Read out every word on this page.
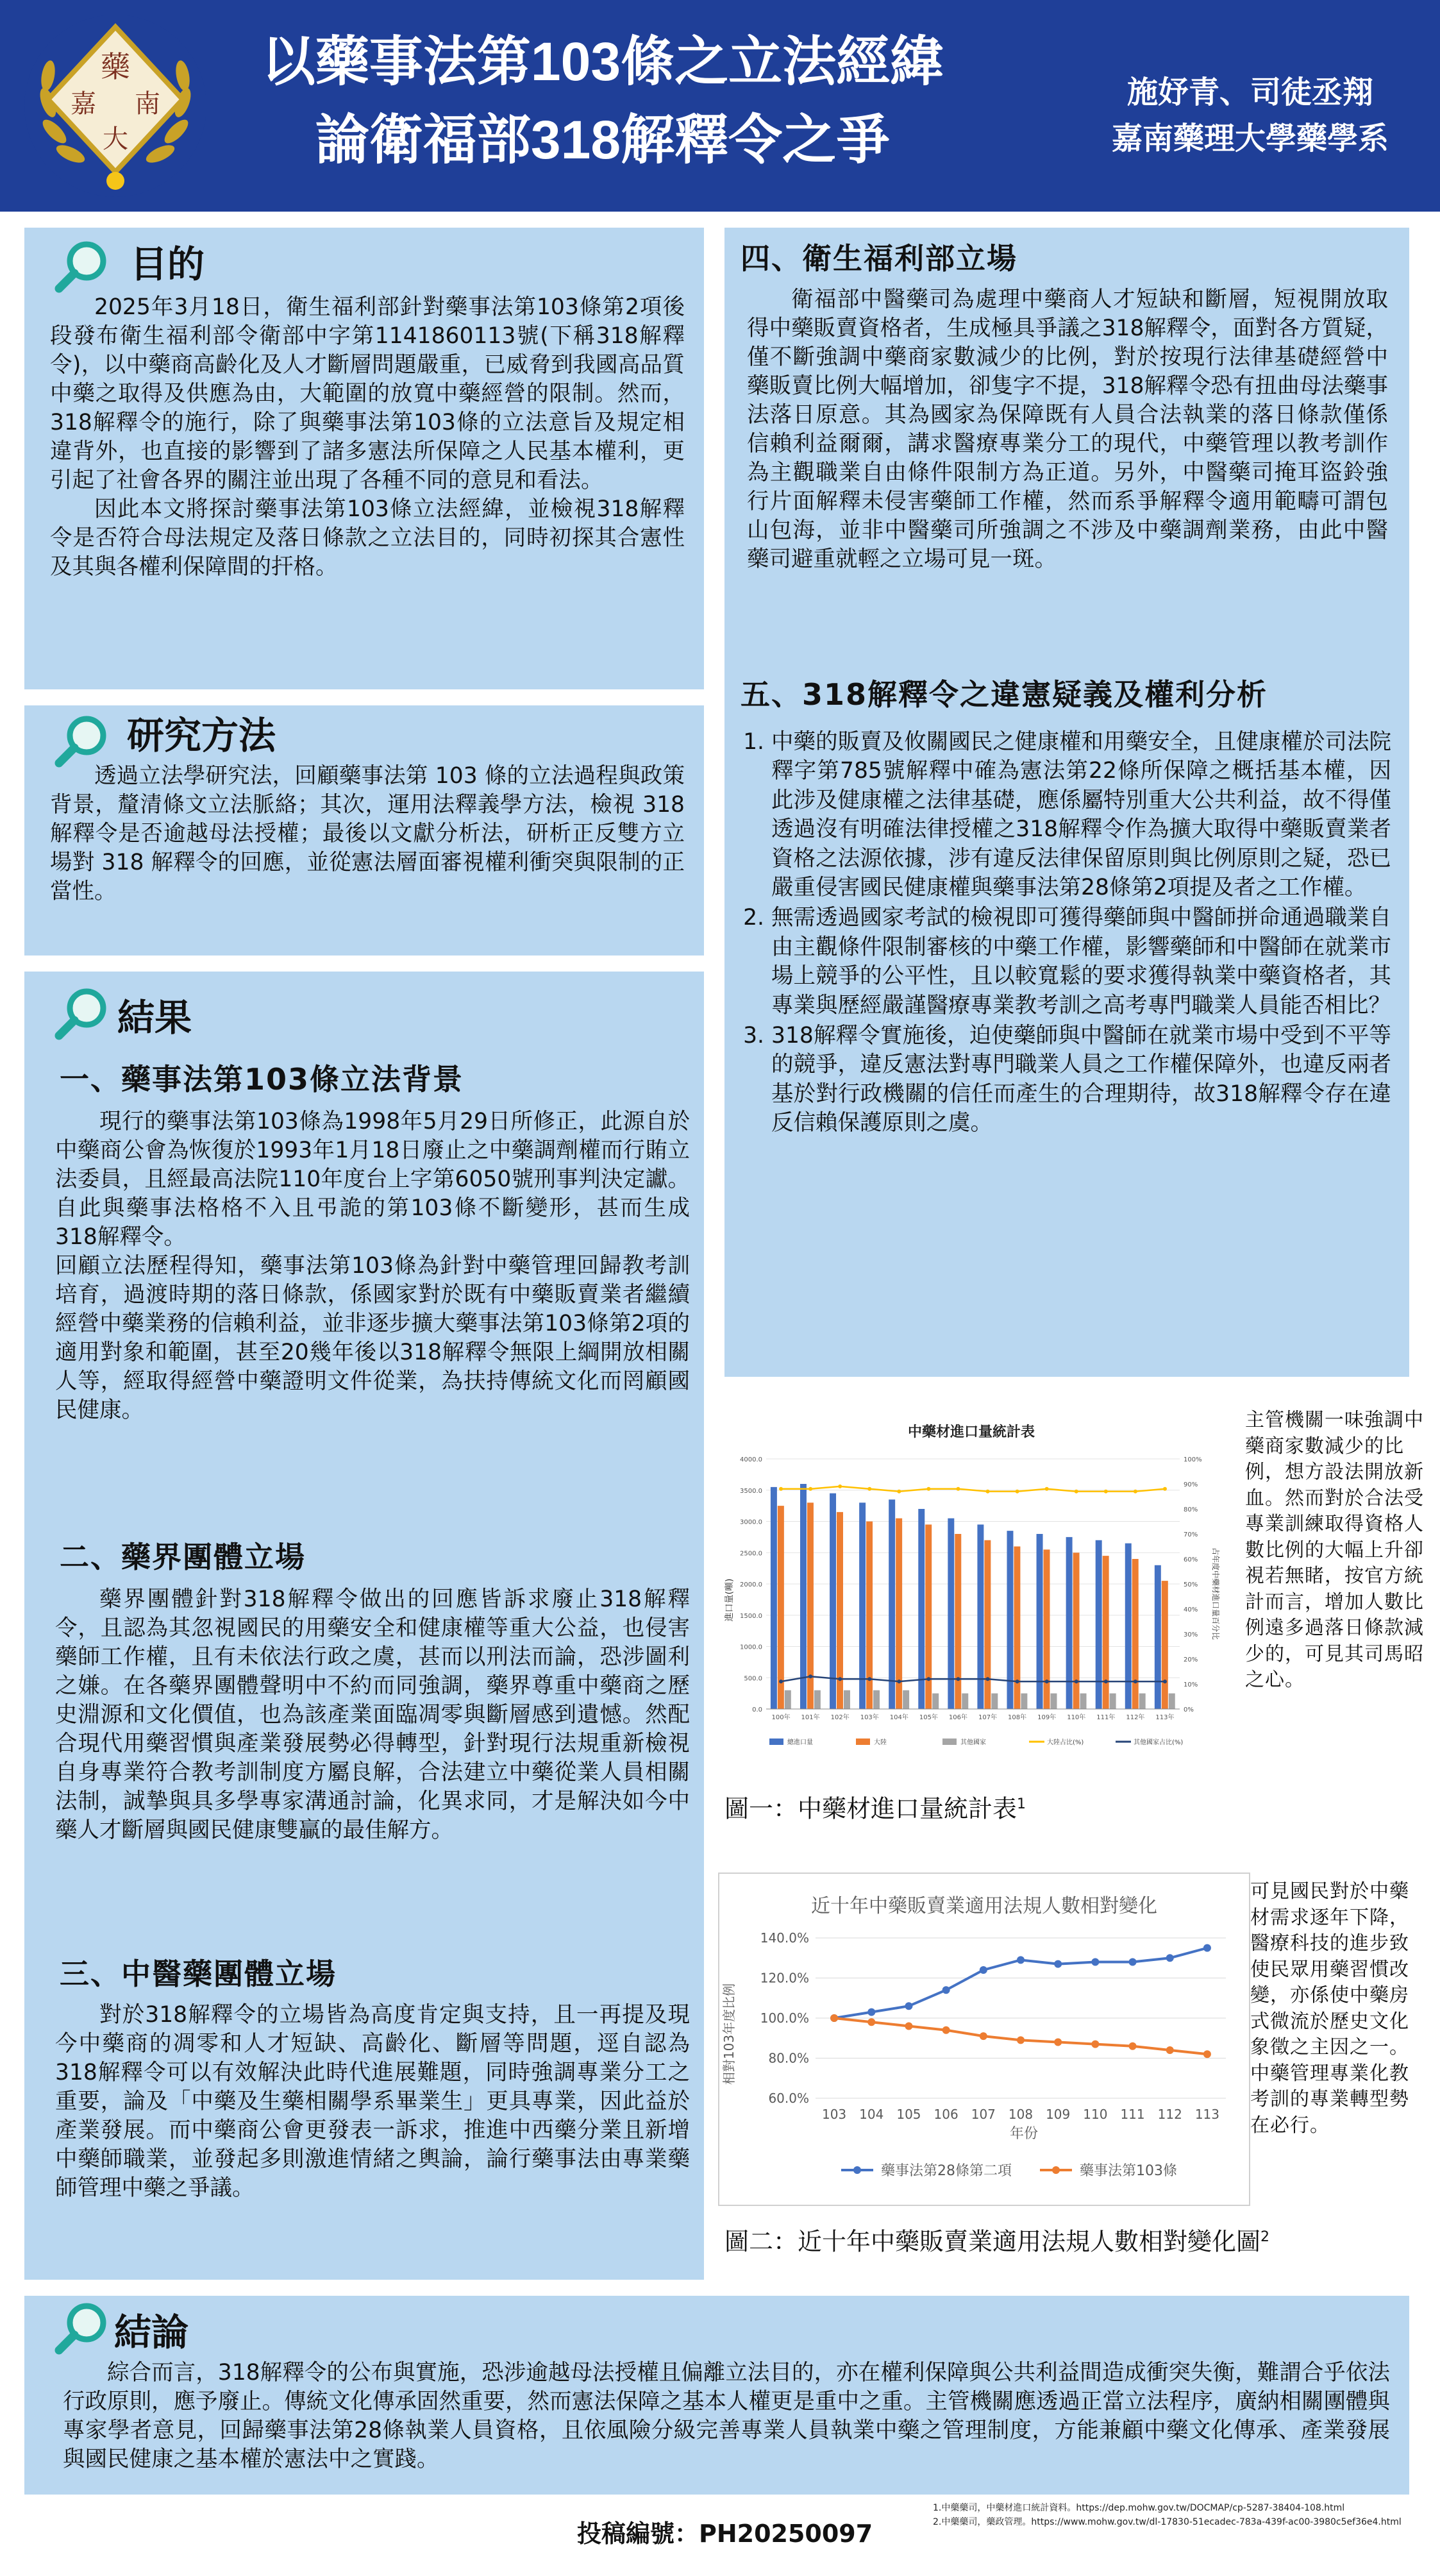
藥
嘉 南
大
以藥事法第103條之立法經緯
論衛福部318解釋令之爭
施妤青、司徒丞翔
嘉南藥理大學藥學系
目的

2025年3月18日，衛生福利部針對藥事法第103條第2項後段發布衛生福利部令衛部中字第1141860113號(下稱318解釋令)，以中藥商高齡化及人才斷層問題嚴重，已威脅到我國高品質中藥之取得及供應為由，大範圍的放寬中藥經營的限制。然而，318解釋令的施行，除了與藥事法第103條的立法意旨及規定相違背外，也直接的影響到了諸多憲法所保障之人民基本權利，更引起了社會各界的關注並出現了各種不同的意見和看法。

因此本文將探討藥事法第103條立法經緯，並檢視318解釋令是否符合母法規定及落日條款之立法目的，同時初探其合憲性及其與各權利保障間的扞格。

研究方法

透過立法學研究法，回顧藥事法第 103 條的立法過程與政策背景，釐清條文立法脈絡；其次，運用法釋義學方法，檢視 318 解釋令是否逾越母法授權；最後以文獻分析法，研析正反雙方立場對 318 解釋令的回應，並從憲法層面審視權利衝突與限制的正當性。

結果
一、藥事法第103條立法背景

現行的藥事法第103條為1998年5月29日所修正，此源自於中藥商公會為恢復於1993年1月18日廢止之中藥調劑權而行賄立法委員，且經最高法院110年度台上字第6050號刑事判決定讞。自此與藥事法格格不入且弔詭的第103條不斷變形，甚而生成318解釋令。

回顧立法歷程得知，藥事法第103條為針對中藥管理回歸教考訓培育，過渡時期的落日條款，係國家對於既有中藥販賣業者繼續經營中藥業務的信賴利益，並非逐步擴大藥事法第103條第2項的適用對象和範圍，甚至20幾年後以318解釋令無限上綱開放相關人等，經取得經營中藥證明文件從業，為扶持傳統文化而罔顧國民健康。

二、藥界團體立場

藥界團體針對318解釋令做出的回應皆訴求廢止318解釋令，且認為其忽視國民的用藥安全和健康權等重大公益，也侵害藥師工作權，且有未依法行政之虞，甚而以刑法而論，恐涉圖利之嫌。在各藥界團體聲明中不約而同強調，藥界尊重中藥商之歷史淵源和文化價值，也為該產業面臨凋零與斷層感到遺憾。然配合現代用藥習慣與產業發展勢必得轉型，針對現行法規重新檢視自身專業符合教考訓制度方屬良解，合法建立中藥從業人員相關法制，誠摯與具多學專家溝通討論，化異求同，才是解決如今中藥人才斷層與國民健康雙贏的最佳解方。

三、中醫藥團體立場

對於318解釋令的立場皆為高度肯定與支持，且一再提及現今中藥商的凋零和人才短缺、高齡化、斷層等問題，逕自認為318解釋令可以有效解決此時代進展難題，同時強調專業分工之重要，論及「中藥及生藥相關學系畢業生」更具專業，因此益於產業發展。而中藥商公會更發表一訴求，推進中西藥分業且新增中藥師職業，並發起多則激進情緒之輿論，論行藥事法由專業藥師管理中藥之爭議。

四、衛生福利部立場

衛福部中醫藥司為處理中藥商人才短缺和斷層，短視開放取得中藥販賣資格者，生成極具爭議之318解釋令，面對各方質疑，僅不斷強調中藥商家數減少的比例，對於按現行法律基礎經營中藥販賣比例大幅增加，卻隻字不提，318解釋令恐有扭曲母法藥事法落日原意。其為國家為保障既有人員合法執業的落日條款僅係信賴利益爾爾，講求醫療專業分工的現代，中藥管理以教考訓作為主觀職業自由條件限制方為正道。另外，中醫藥司掩耳盜鈴強行片面解釋未侵害藥師工作權，然而系爭解釋令適用範疇可謂包山包海，並非中醫藥司所強調之不涉及中藥調劑業務，由此中醫藥司避重就輕之立場可見一斑。

五、318解釋令之違憲疑義及權利分析
1. 中藥的販賣及攸關國民之健康權和用藥安全，且健康權於司法院釋字第785號解釋中確為憲法第22條所保障之概括基本權，因此涉及健康權之法律基礎，應係屬特別重大公共利益，故不得僅透過沒有明確法律授權之318解釋令作為擴大取得中藥販賣業者資格之法源依據，涉有違反法律保留原則與比例原則之疑，恐已嚴重侵害國民健康權與藥事法第28條第2項提及者之工作權。
2. 無需透過國家考試的檢視即可獲得藥師與中醫師拼命通過職業自由主觀條件限制審核的中藥工作權，影響藥師和中醫師在就業市場上競爭的公平性，且以較寬鬆的要求獲得執業中藥資格者，其專業與歷經嚴謹醫療專業教考訓之高考專門職業人員能否相比？
3. 318解釋令實施後，迫使藥師與中醫師在就業市場中受到不平等的競爭，違反憲法對專門職業人員之工作權保障外，也違反兩者基於對行政機關的信任而產生的合理期待，故318解釋令存在違反信賴保護原則之虞。
中藥材進口量統計表
0.0
500.0
1000.0
1500.0
2000.0
2500.0
3000.0
3500.0
4000.0
0%
10%
20%
30%
40%
50%
60%
70%
80%
90%
100%
100年 101年 102年 103年 104年 105年 106年 107年 108年 109年 110年 111年 112年 113年
進口量(噸)	占年度中藥材進口量百分比
總進口量	大陸	其他國家	大陸占比(%)	其他國家占比(%)
圖一：中藥材進口量統計表$^1$
主管機關一味強調中藥商家數減少的比例，想方設法開放新血。然而對於合法受專業訓練取得資格人數比例的大幅上升卻視若無睹，按官方統計而言，增加人數比例遠多過落日條款減少的，可見其司馬昭之心。
近十年中藥販賣業適用法規人數相對變化
60.0%
80.0%
100.0%
120.0%
140.0%
103 104 105 106 107 108 109 110 111 112 113
年份
相對103年度比例
藥事法第28條第二項	藥事法第103條
圖二：近十年中藥販賣業適用法規人數相對變化圖$^2$
可見國民對於中藥材需求逐年下降，醫療科技的進步致使民眾用藥習慣改變，亦係使中藥房式微流於歷史文化象徵之主因之一。中藥管理專業化教考訓的專業轉型勢在必行。
結論

綜合而言，318解釋令的公布與實施，恐涉逾越母法授權且偏離立法目的，亦在權利保障與公共利益間造成衝突失衡，難謂合乎依法行政原則，應予廢止。傳統文化傳承固然重要，然而憲法保障之基本人權更是重中之重。主管機關應透過正當立法程序，廣納相關團體與專家學者意見，回歸藥事法第28條執業人員資格，且依風險分級完善專業人員執業中藥之管理制度，方能兼顧中藥文化傳承、產業發展與國民健康之基本權於憲法中之實踐。

投稿編號：PH20250097
1.中藥藥司，中藥材進口統計資料。https://dep.mohw.gov.tw/DOCMAP/cp-5287-38404-108.html
2.中藥藥司，藥政管理。https://www.mohw.gov.tw/dl-17830-51ecadec-783a-439f-ac00-3980c5ef36e4.html
